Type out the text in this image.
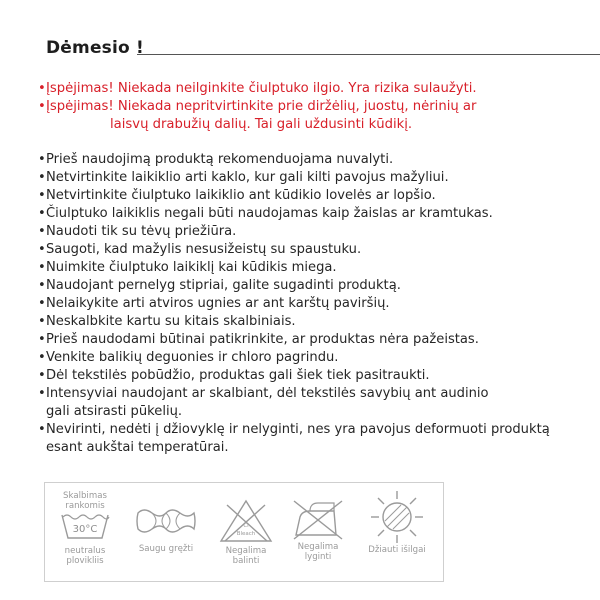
Dėmesio !
• Įspėjimas! Niekada neilginkite čiulptuko ilgio. Yra rizika sulaužyti.
• Įspėjimas! Niekada nepritvirtinkite prie diržėlių, juostų, nėrinių ar
laisvų drabužių dalių. Tai gali uždusinti kūdikį.
• Prieš naudojimą produktą rekomenduojama nuvalyti.
• Netvirtinkite laikiklio arti kaklo, kur gali kilti pavojus mažyliui.
• Netvirtinkite čiulptuko laikiklio ant kūdikio lovelės ar lopšio.
• Čiulptuko laikiklis negali būti naudojamas kaip žaislas ar kramtukas.
• Naudoti tik su tėvų priežiūra.
• Saugoti, kad mažylis nesusižeistų su spaustuku.
• Nuimkite čiulptuko laikiklį kai kūdikis miega.
• Naudojant pernelyg stipriai, galite sugadinti produktą.
• Nelaikykite arti atviros ugnies ar ant karštų paviršių.
• Neskalbkite kartu su kitais skalbiniais.
• Prieš naudodami būtinai patikrinkite, ar produktas nėra pažeistas.
• Venkite balikių deguonies ir chloro pagrindu.
• Dėl tekstilės pobūdžio, produktas gali šiek tiek pasitraukti.
• Intensyviai naudojant ar skalbiant, dėl tekstilės savybių ant audinio
gali atsirasti pūkelių.
• Nevirinti, nedėti į džiovyklę ir nelyginti, nes yra pavojus deformuoti produktą
esant aukštai temperatūrai.
Skalbimas
rankomis
30°C
neutralus
plovikliis
Saugu gręžti
Cl
Bleach
Negalima
balinti
Negalima
lyginti
Džiauti išilgai
